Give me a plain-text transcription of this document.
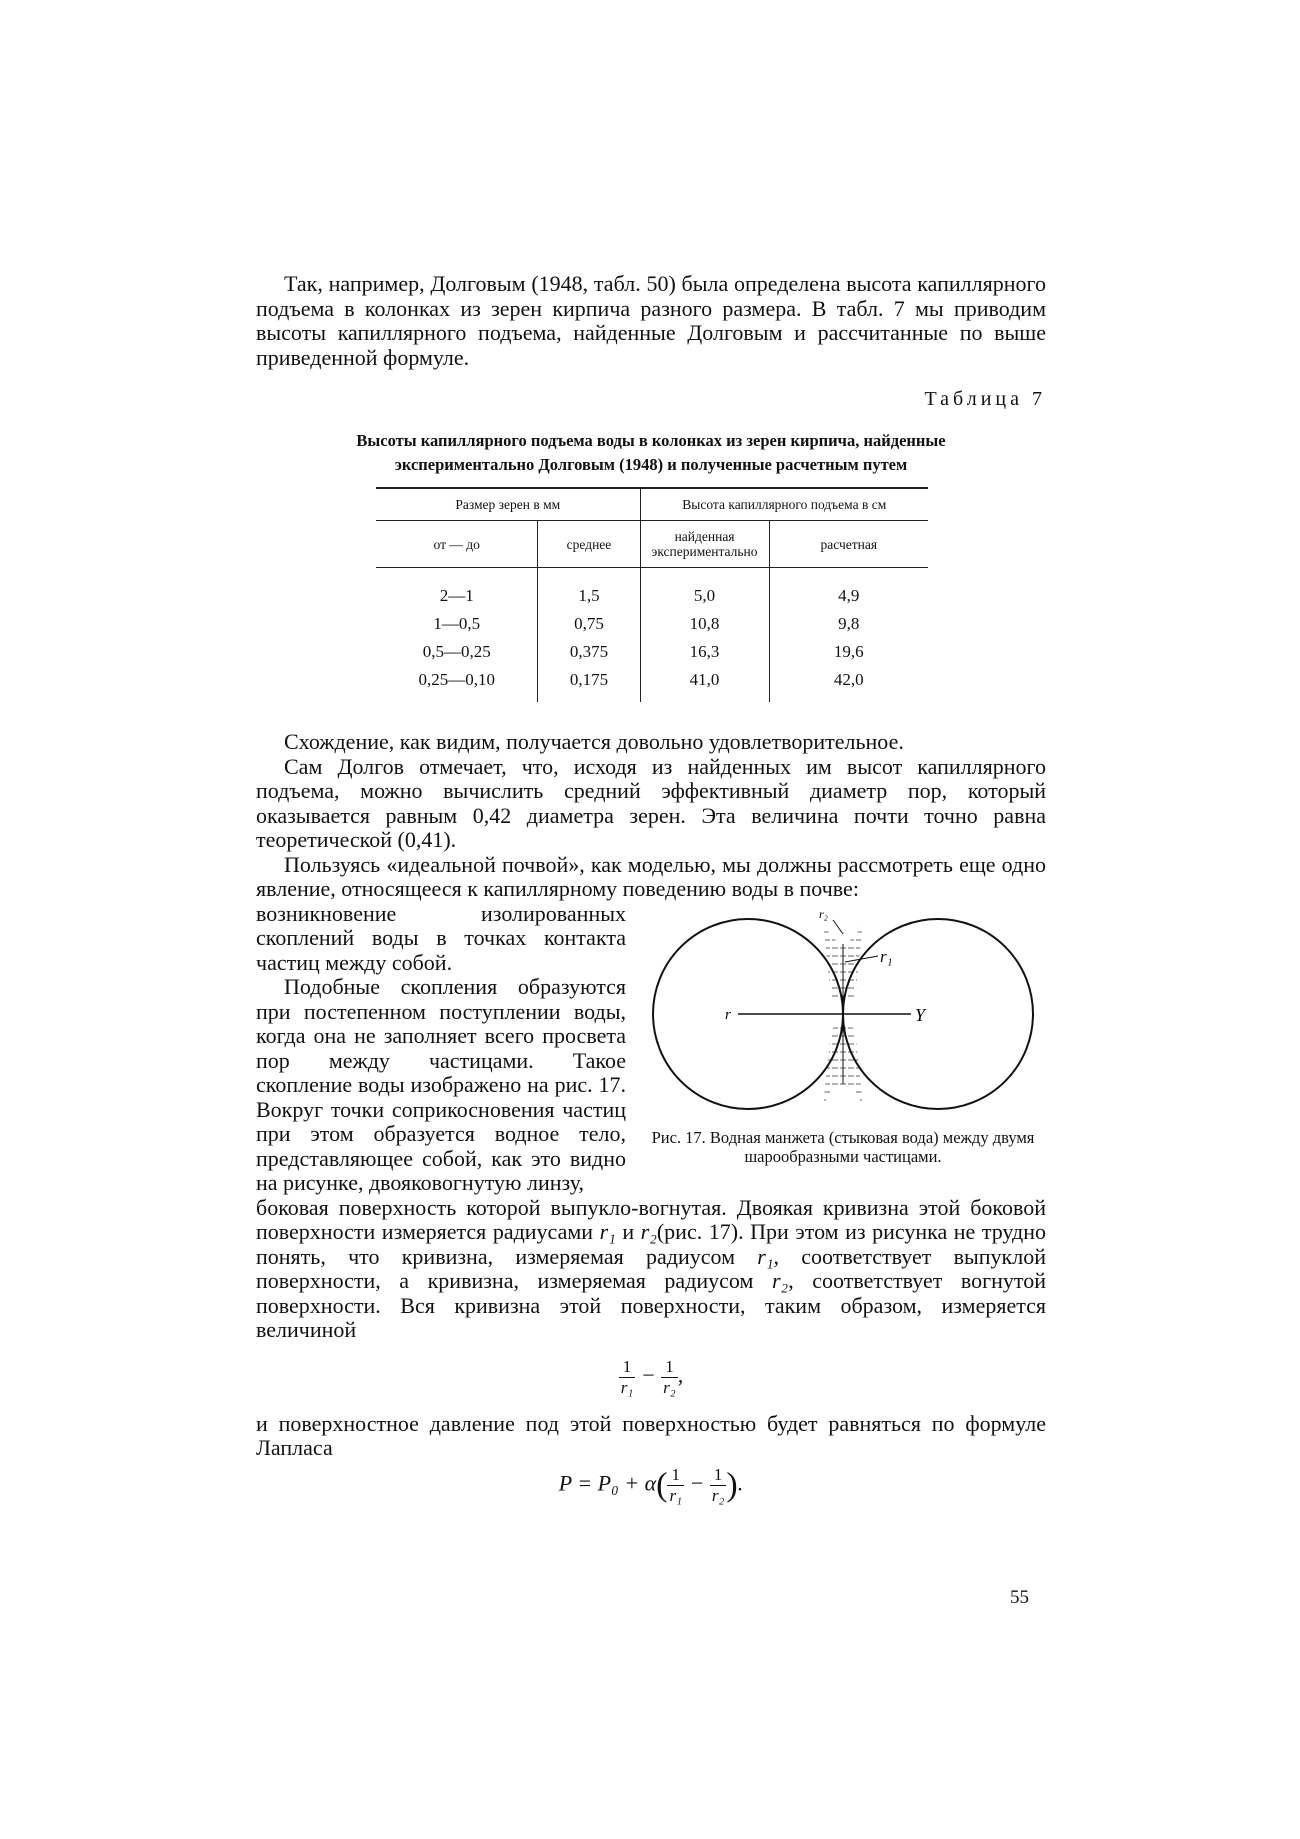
Так, например, Долговым (1948, табл. 50) была определена высота капиллярного подъема в колонках из зерен кирпича разного размера. В табл. 7 мы приводим высоты капиллярного подъема, найденные Долговым и рассчитанные по выше приведенной формуле.

Таблица 7
Высоты капиллярного подъема воды в колонках из зерен кирпича, найденные экспериментально Долговым (1948) и полученные расчетным путем
Размер зерен в мм		Высота капиллярного подъема в см	
от — до	среднее	найденная экспериментально	расчетная

2—1	1,5	5,0	4,9
1—0,5	0,75	10,8	9,8
0,5—0,25	0,375	16,3	19,6
0,25—0,10	0,175	41,0	42,0

Схождение, как видим, получается довольно удовлетворительное.

Сам Долгов отмечает, что, исходя из найденных им высот капиллярного подъема, можно вычислить средний эффективный диаметр пор, который оказывается равным 0,42 диаметра зерен. Эта величина почти точно равна теоретической (0,41).

Пользуясь «идеальной почвой», как моделью, мы должны рассмотреть еще одно явление, относящееся к капиллярному поведению воды в почве:

r₁
r₂
r	Y
Рис. 17. Водная манжета (стыковая вода) между двумя шарообразными частицами.

возникновение изолированных скоплений воды в точках контакта частиц между собой.

Подобные скопления образуются при постепенном поступлении воды, когда она не заполняет всего просвета пор между частицами. Такое скопление воды изображено на рис. 17. Вокруг точки соприкосновения частиц при этом образуется водное тело, представляющее собой, как это видно на рисунке, двояковогнутую линзу,

боковая поверхность которой выпукло-вогнутая. Двоякая кривизна этой боковой поверхности измеряется радиусами r₁ и r₂(рис. 17). При этом из рисунка не трудно понять, что кривизна, измеряемая радиусом r₁, соответствует выпуклой поверхности, а кривизна, измеряемая радиусом r₂, соответствует вогнутой поверхности. Вся кривизна этой поверхности, таким образом, измеряется величиной

$\frac{1}{\text{r₁}} - \frac{1}{\text{r₂}}$ ,

и поверхностное давление под этой поверхностью будет равняться по формуле Лапласа

$P = P_0 + \alpha( \frac{1}{\text{r₁}} - \frac{1}{\text{r₂}}$ ).
55
